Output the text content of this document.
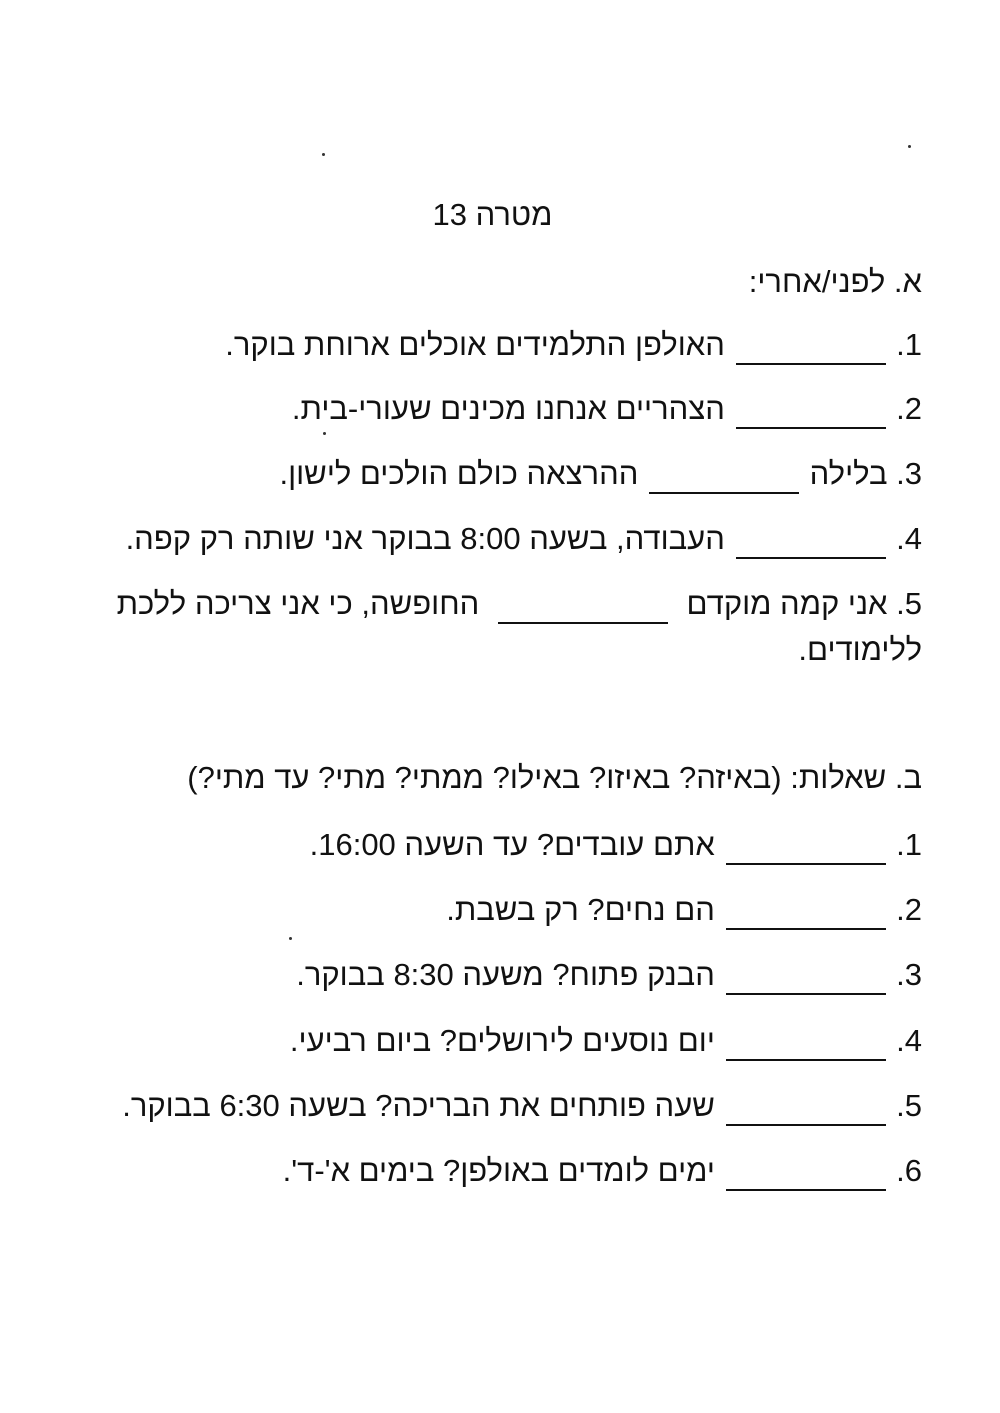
מטרה 13
א. לפני/אחרי:
1.  האולפן התלמידים אוכלים ארוחת בוקר.
2.  הצהריים אנחנו מכינים שעורי-בית.
3. בלילה  ההרצאה כולם הולכים לישון.
4.  העבודה, בשעה 8:00 בבוקר אני שותה רק קפה.
5. אני קמה מוקדם  החופשה, כי אני צריכה ללכת
ללימודים.
ב. שאלות: (באיזה? באיזו? באילו? ממתי? מתי? עד מתי?)
1.  אתם עובדים? עד השעה 16:00.
2.  הם נחים? רק בשבת.
3.  הבנק פתוח? משעה 8:30 בבוקר.
4.  יום נוסעים לירושלים? ביום רביעי.
5.  שעה פותחים את הבריכה? בשעה 6:30 בבוקר.
6.  ימים לומדים באולפן? בימים א'-ד'.
